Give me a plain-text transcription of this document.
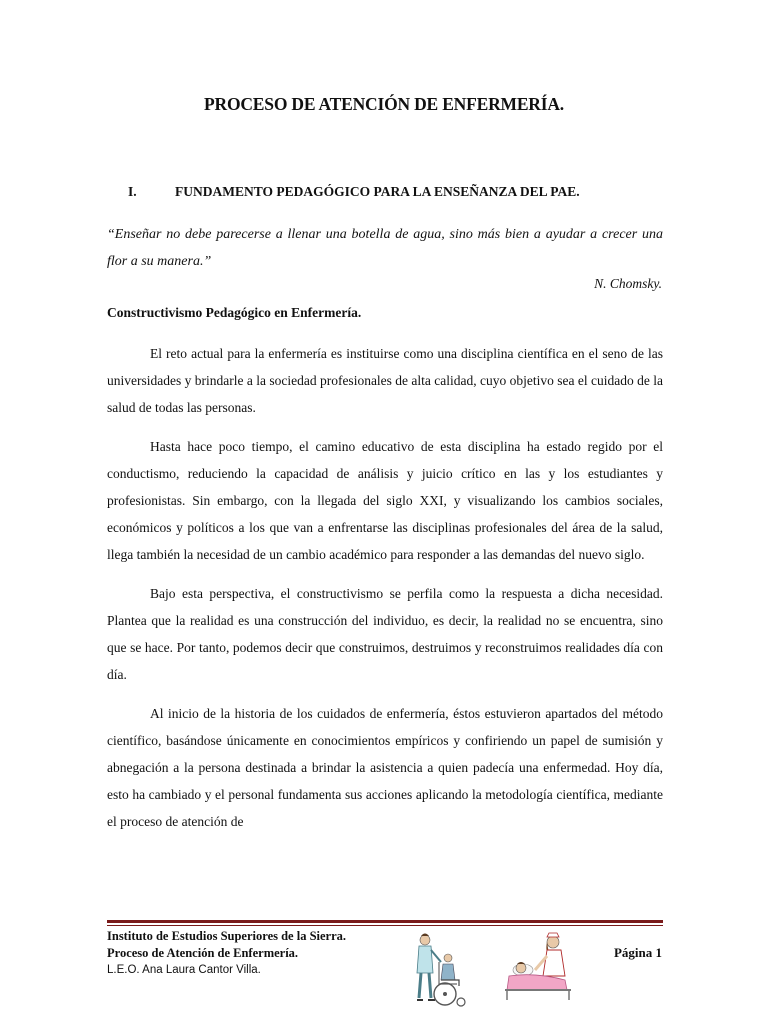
PROCESO DE ATENCIÓN DE ENFERMERÍA.
I.	FUNDAMENTO PEDAGÓGICO PARA LA ENSEÑANZA DEL PAE.
“Enseñar no debe parecerse a llenar una botella de agua, sino más bien a ayudar a crecer una flor a su manera.”
N. Chomsky.
Constructivismo Pedagógico en Enfermería.

El reto actual para la enfermería es instituirse como una disciplina científica en el seno de las universidades y brindarle a la sociedad profesionales de alta calidad, cuyo objetivo sea el cuidado de la salud de todas las personas.

Hasta hace poco tiempo, el camino educativo de esta disciplina ha estado regido por el conductismo, reduciendo la capacidad de análisis y juicio crítico en las y los estudiantes y profesionistas. Sin embargo, con la llegada del siglo XXI, y visualizando los cambios sociales, económicos y políticos a los que van a enfrentarse las disciplinas profesionales del área de la salud, llega también la necesidad de un cambio académico para responder a las demandas del nuevo siglo.

Bajo esta perspectiva, el constructivismo se perfila como la respuesta a dicha necesidad. Plantea que la realidad es una construcción del individuo, es decir, la realidad no se encuentra, sino que se hace. Por tanto, podemos decir que construimos, destruimos y reconstruimos realidades día con día.

Al inicio de la historia de los cuidados de enfermería, éstos estuvieron apartados del método científico, basándose únicamente en conocimientos empíricos y confiriendo un papel de sumisión y abnegación a la persona destinada a brindar la asistencia a quien padecía una enfermedad. Hoy día, esto ha cambiado y el personal fundamenta sus acciones aplicando la metodología científica, mediante el proceso de atención de

Instituto de Estudios Superiores de la Sierra.
Proceso de Atención de Enfermería.
L.E.O. Ana Laura Cantor Villa.
Página 1
